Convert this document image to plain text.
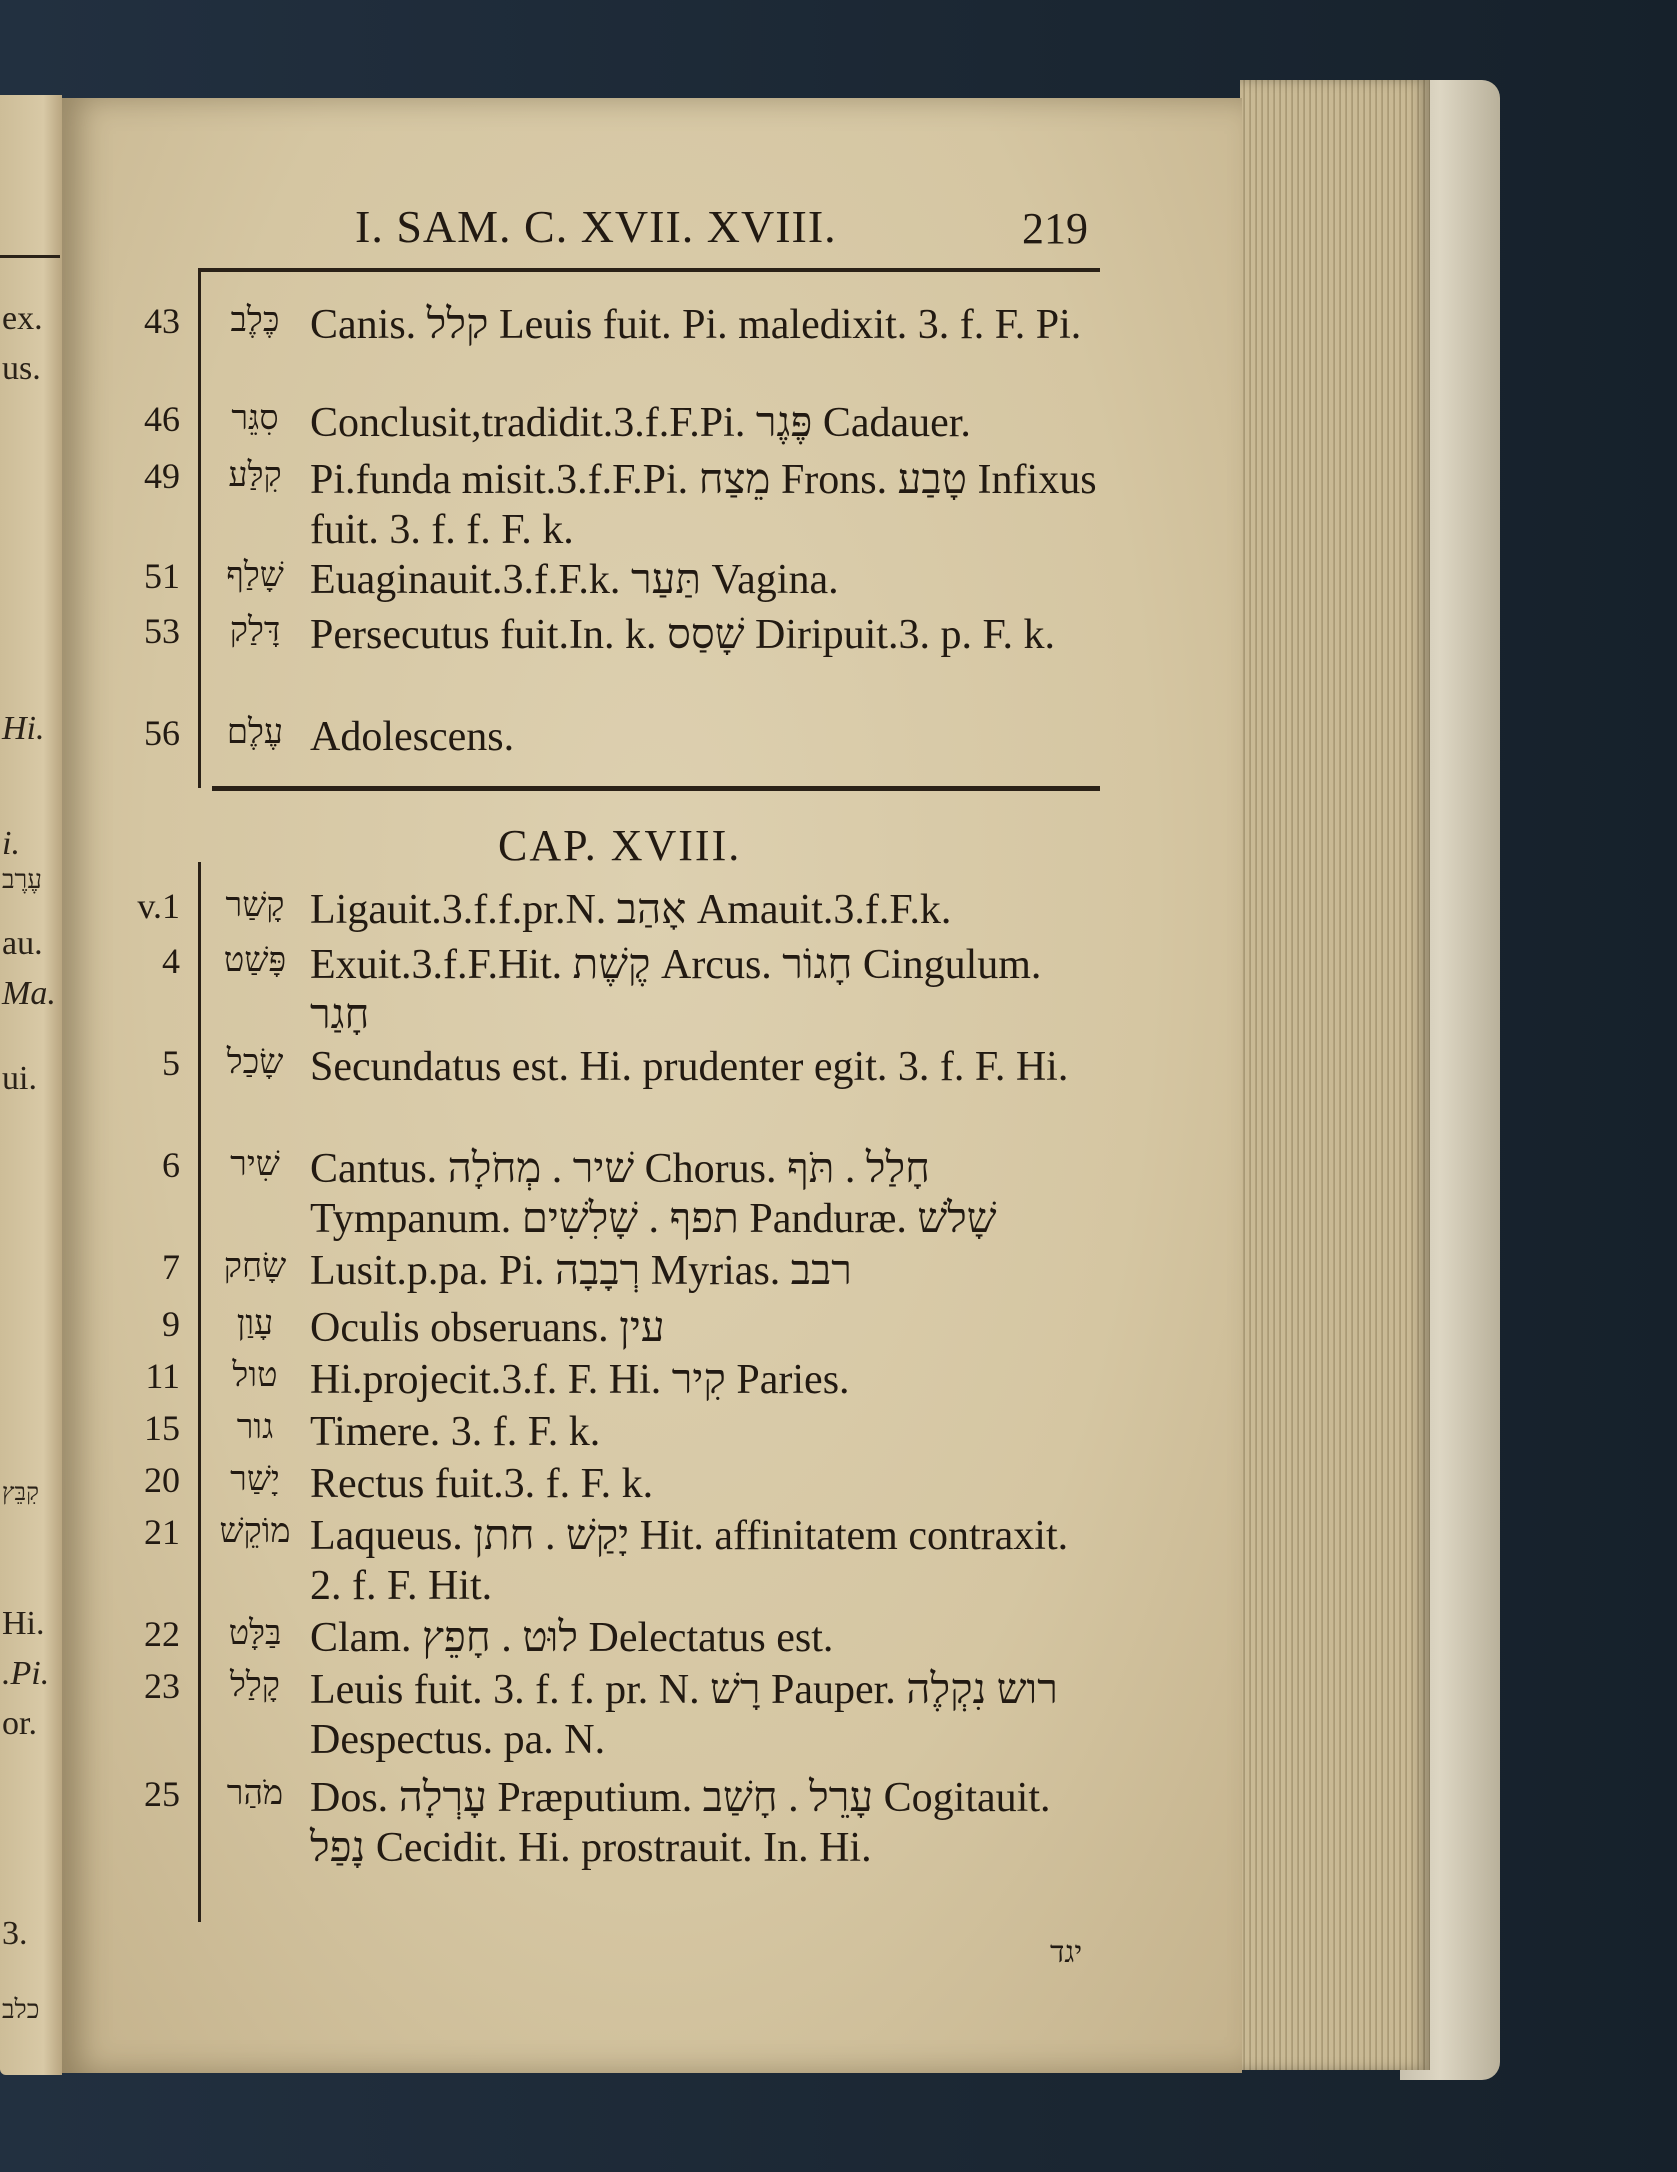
ex.
us.
Hi.
i.
עֶרֶב
au.
Ma.
ui.
קִבֵּץ
Hi.
.Pi.
or.
3.
כלב
I. SAM. C. XVII. XVIII.	219
43	כֶּלֶב Canis. קלל Leuis fuit. Pi. maledixit. 3. f. F. Pi.
46	סִגֵּר Conclusit,tradidit.3.f.F.Pi. פֶּגֶר Cadauer.
49	קִלַּע Pi.funda misit.3.f.F.Pi. מֵצַח Frons. טָבַע Infixus fuit. 3. f. f. F. k.
51	שָׁלַף Euaginauit.3.f.F.k. תַּעַר Vagina.
53	דָּלַק Persecutus fuit.In. k. שָׁסַס Diripuit.3. p. F. k.
56	עֶלֶם Adolescens.
CAP. XVIII.
v.1	קָשַׁר Ligauit.3.f.f.pr.N. אָהַב Amauit.3.f.F.k.
4	פָּשַׁט Exuit.3.f.F.Hit. קֶשֶׁת Arcus. חָגוֹר Cingulum. חָגַר
5	שָׂכַל Secundatus est. Hi. prudenter egit. 3. f. F. Hi.
6	שִׁיר Cantus. שׁיר . מְחֹלָה Chorus. חָלַל . תֹּף Tympanum. תפף . שָׁלִשִׁים Panduræ. שָׁלֹשׁ
7	שָׂחַק Lusit.p.pa. Pi. רְבָבָה Myrias. רבב
9	עָוַן Oculis obseruans. עין
11	טול Hi.projecit.3.f. F. Hi. קִיר Paries.
15	גור Timere. 3. f. F. k.
20	יָשַׁר Rectus fuit.3. f. F. k.
21	מוֹקֵשׁ Laqueus. יָקַשׁ . חתן Hit. affinitatem contraxit. 2. f. F. Hit.
22	בַּלָּט Clam. לוּט . חָפֵץ Delectatus est.
23	קָלַל Leuis fuit. 3. f. f. pr. N. רָשׁ Pauper. רוש נִקְלֶה Despectus. pa. N.
25	מֹהַר Dos. עָרְלָה Præputium. עָרֵל . חָשַׁב Cogitauit. נָפַל Cecidit. Hi. prostrauit. In. Hi.
יגד
